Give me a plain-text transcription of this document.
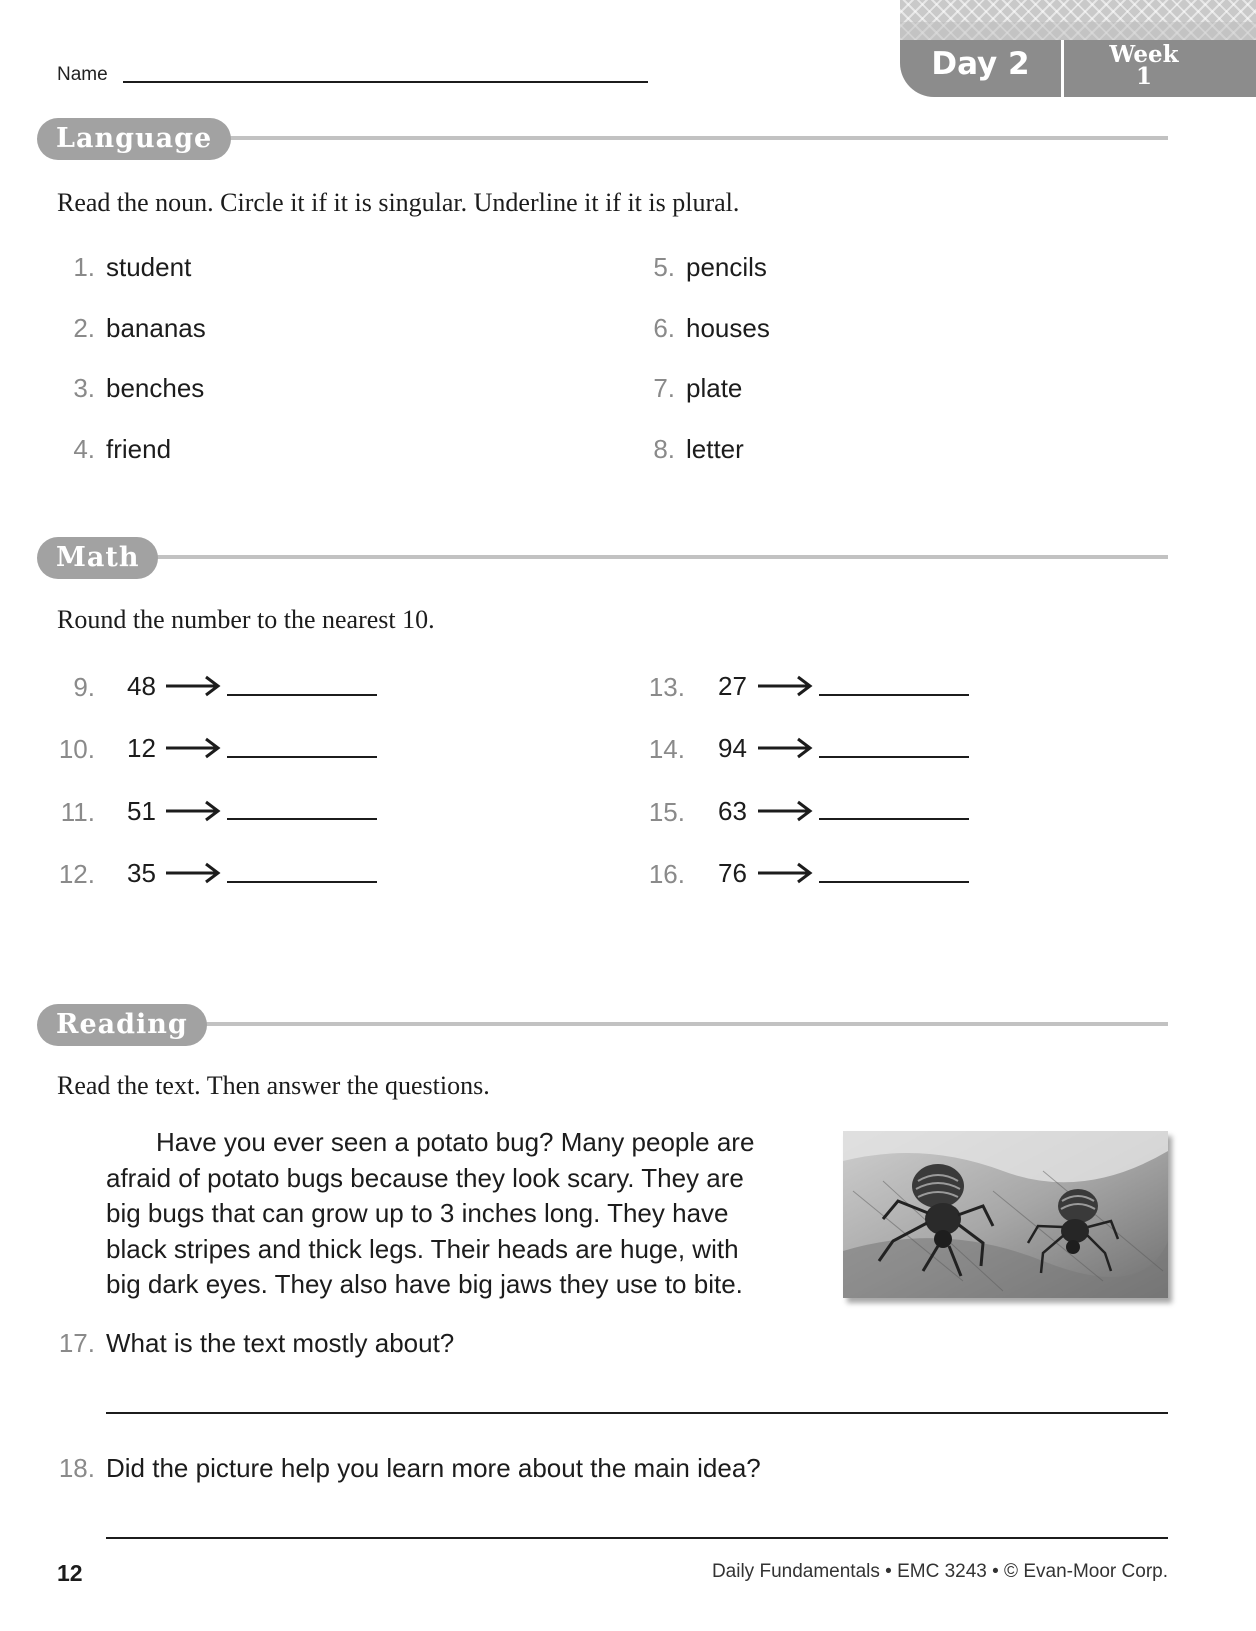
Day 2	Week
1
Name
Language
Read the noun. Circle it if it is singular. Underline it if it is plural.
1. student
2. bananas
3. benches
4. friend
5. pencils
6. houses
7. plate
8. letter
Math
Round the number to the nearest 10.
9. 48
10. 12
11. 51
12. 35
13. 27
14. 94
15. 63
16. 76
Reading
Read the text. Then answer the questions.
Have you ever seen a potato bug? Many people are
afraid of potato bugs because they look scary. They are
big bugs that can grow up to 3 inches long. They have
black stripes and thick legs. Their heads are huge, with
big dark eyes. They also have big jaws they use to bite.
17. What is the text mostly about?
18. Did the picture help you learn more about the main idea?
12	Daily Fundamentals • EMC 3243 • © Evan-Moor Corp.
